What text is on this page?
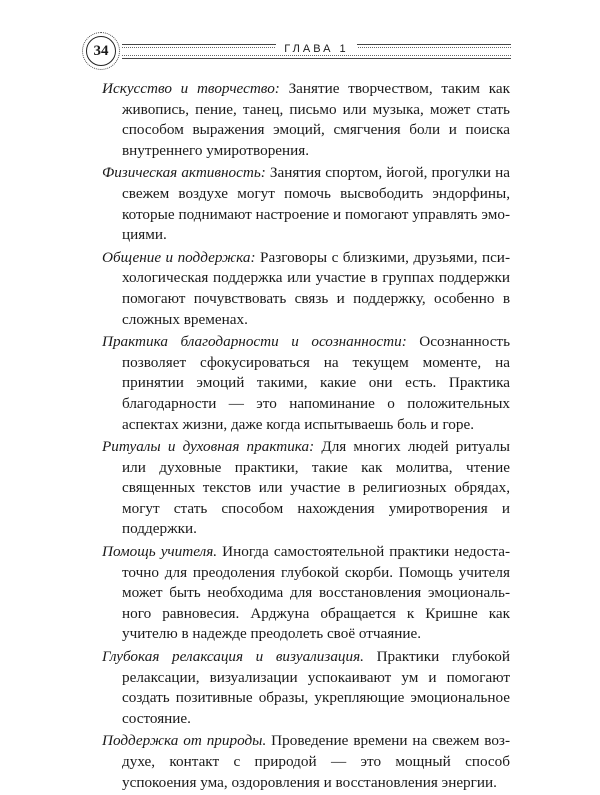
34	ГЛАВА 1

Искусство и творчество: Занятие творчеством, таким как живопись, пение, танец, письмо или музыка, может стать способом выражения эмоций, смягчения боли и поиска внутреннего умиротворения.

Физическая активность: Занятия спортом, йогой, прогулки на свежем воздухе могут помочь высвободить эндорфины, которые поднимают настроение и помогают управлять эмоциями.

Общение и поддержка: Разговоры с близкими, друзьями, психологическая поддержка или участие в группах поддержки помогают почувствовать связь и поддержку, особенно в сложных временах.

Практика благодарности и осознанности: Осознанность позволяет сфокусироваться на текущем моменте, на принятии эмоций такими, какие они есть. Практика благодарности — это напоминание о положительных аспектах жизни, даже когда испытываешь боль и горе.

Ритуалы и духовная практика: Для многих людей ритуалы или духовные практики, такие как молитва, чтение священных текстов или участие в религиозных обрядах, могут стать способом нахождения умиротворения и поддержки.

Помощь учителя. Иногда самостоятельной практики недостаточно для преодоления глубокой скорби. Помощь учителя может быть необходима для восстановления эмоционального равновесия. Арджуна обращается к Кришне как учителю в надежде преодолеть своё отчаяние.

Глубокая релаксация и визуализация. Практики глубокой релаксации, визуализации успокаивают ум и помогают создать позитивные образы, укрепляющие эмоциональное состояние.

Поддержка от природы. Проведение времени на свежем воздухе, контакт с природой — это мощный способ успокоения ума, оздоровления и восстановления энергии.
